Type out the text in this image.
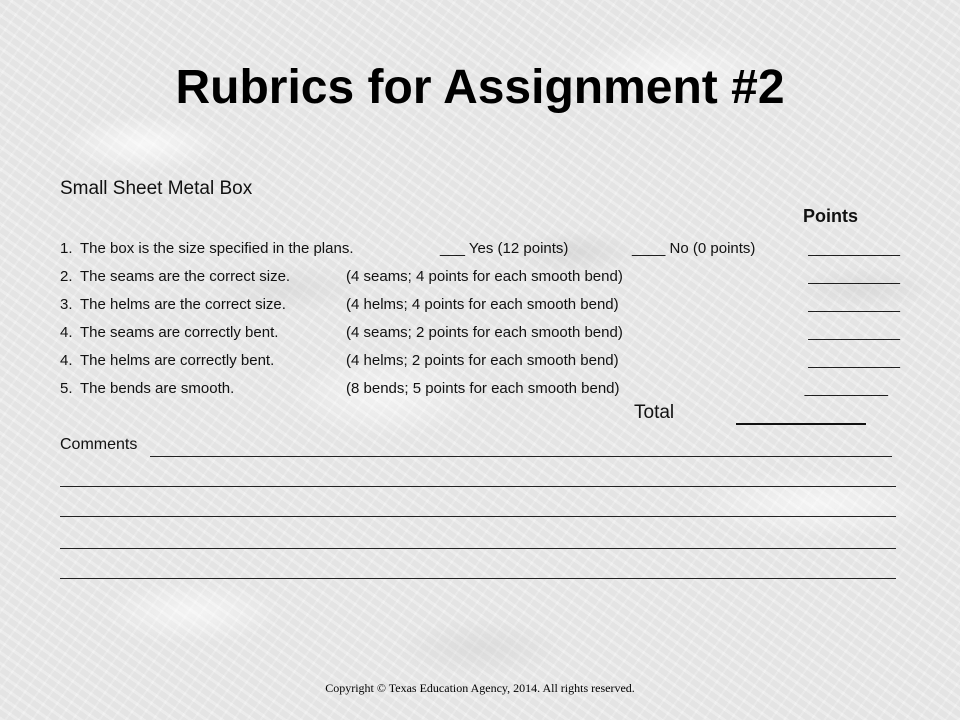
Rubrics for Assignment #2
Small Sheet Metal Box
Points
1. The box is the size specified in the plans.	___ Yes (12 points)	____ No (0 points)	___________
2. The seams are the correct size.	(4 seams; 4 points for each smooth bend)	___________
3. The helms are the correct size.	(4 helms; 4 points for each smooth bend)	___________
4. The seams are correctly bent.	(4 seams; 2 points for each smooth bend)	___________
4. The helms are correctly bent.	(4 helms; 2 points for each smooth bend)	___________
5. The bends are smooth.	(8 bends; 5 points for each smooth bend)	__________
Total
Comments
Copyright © Texas Education Agency, 2014. All rights reserved.
